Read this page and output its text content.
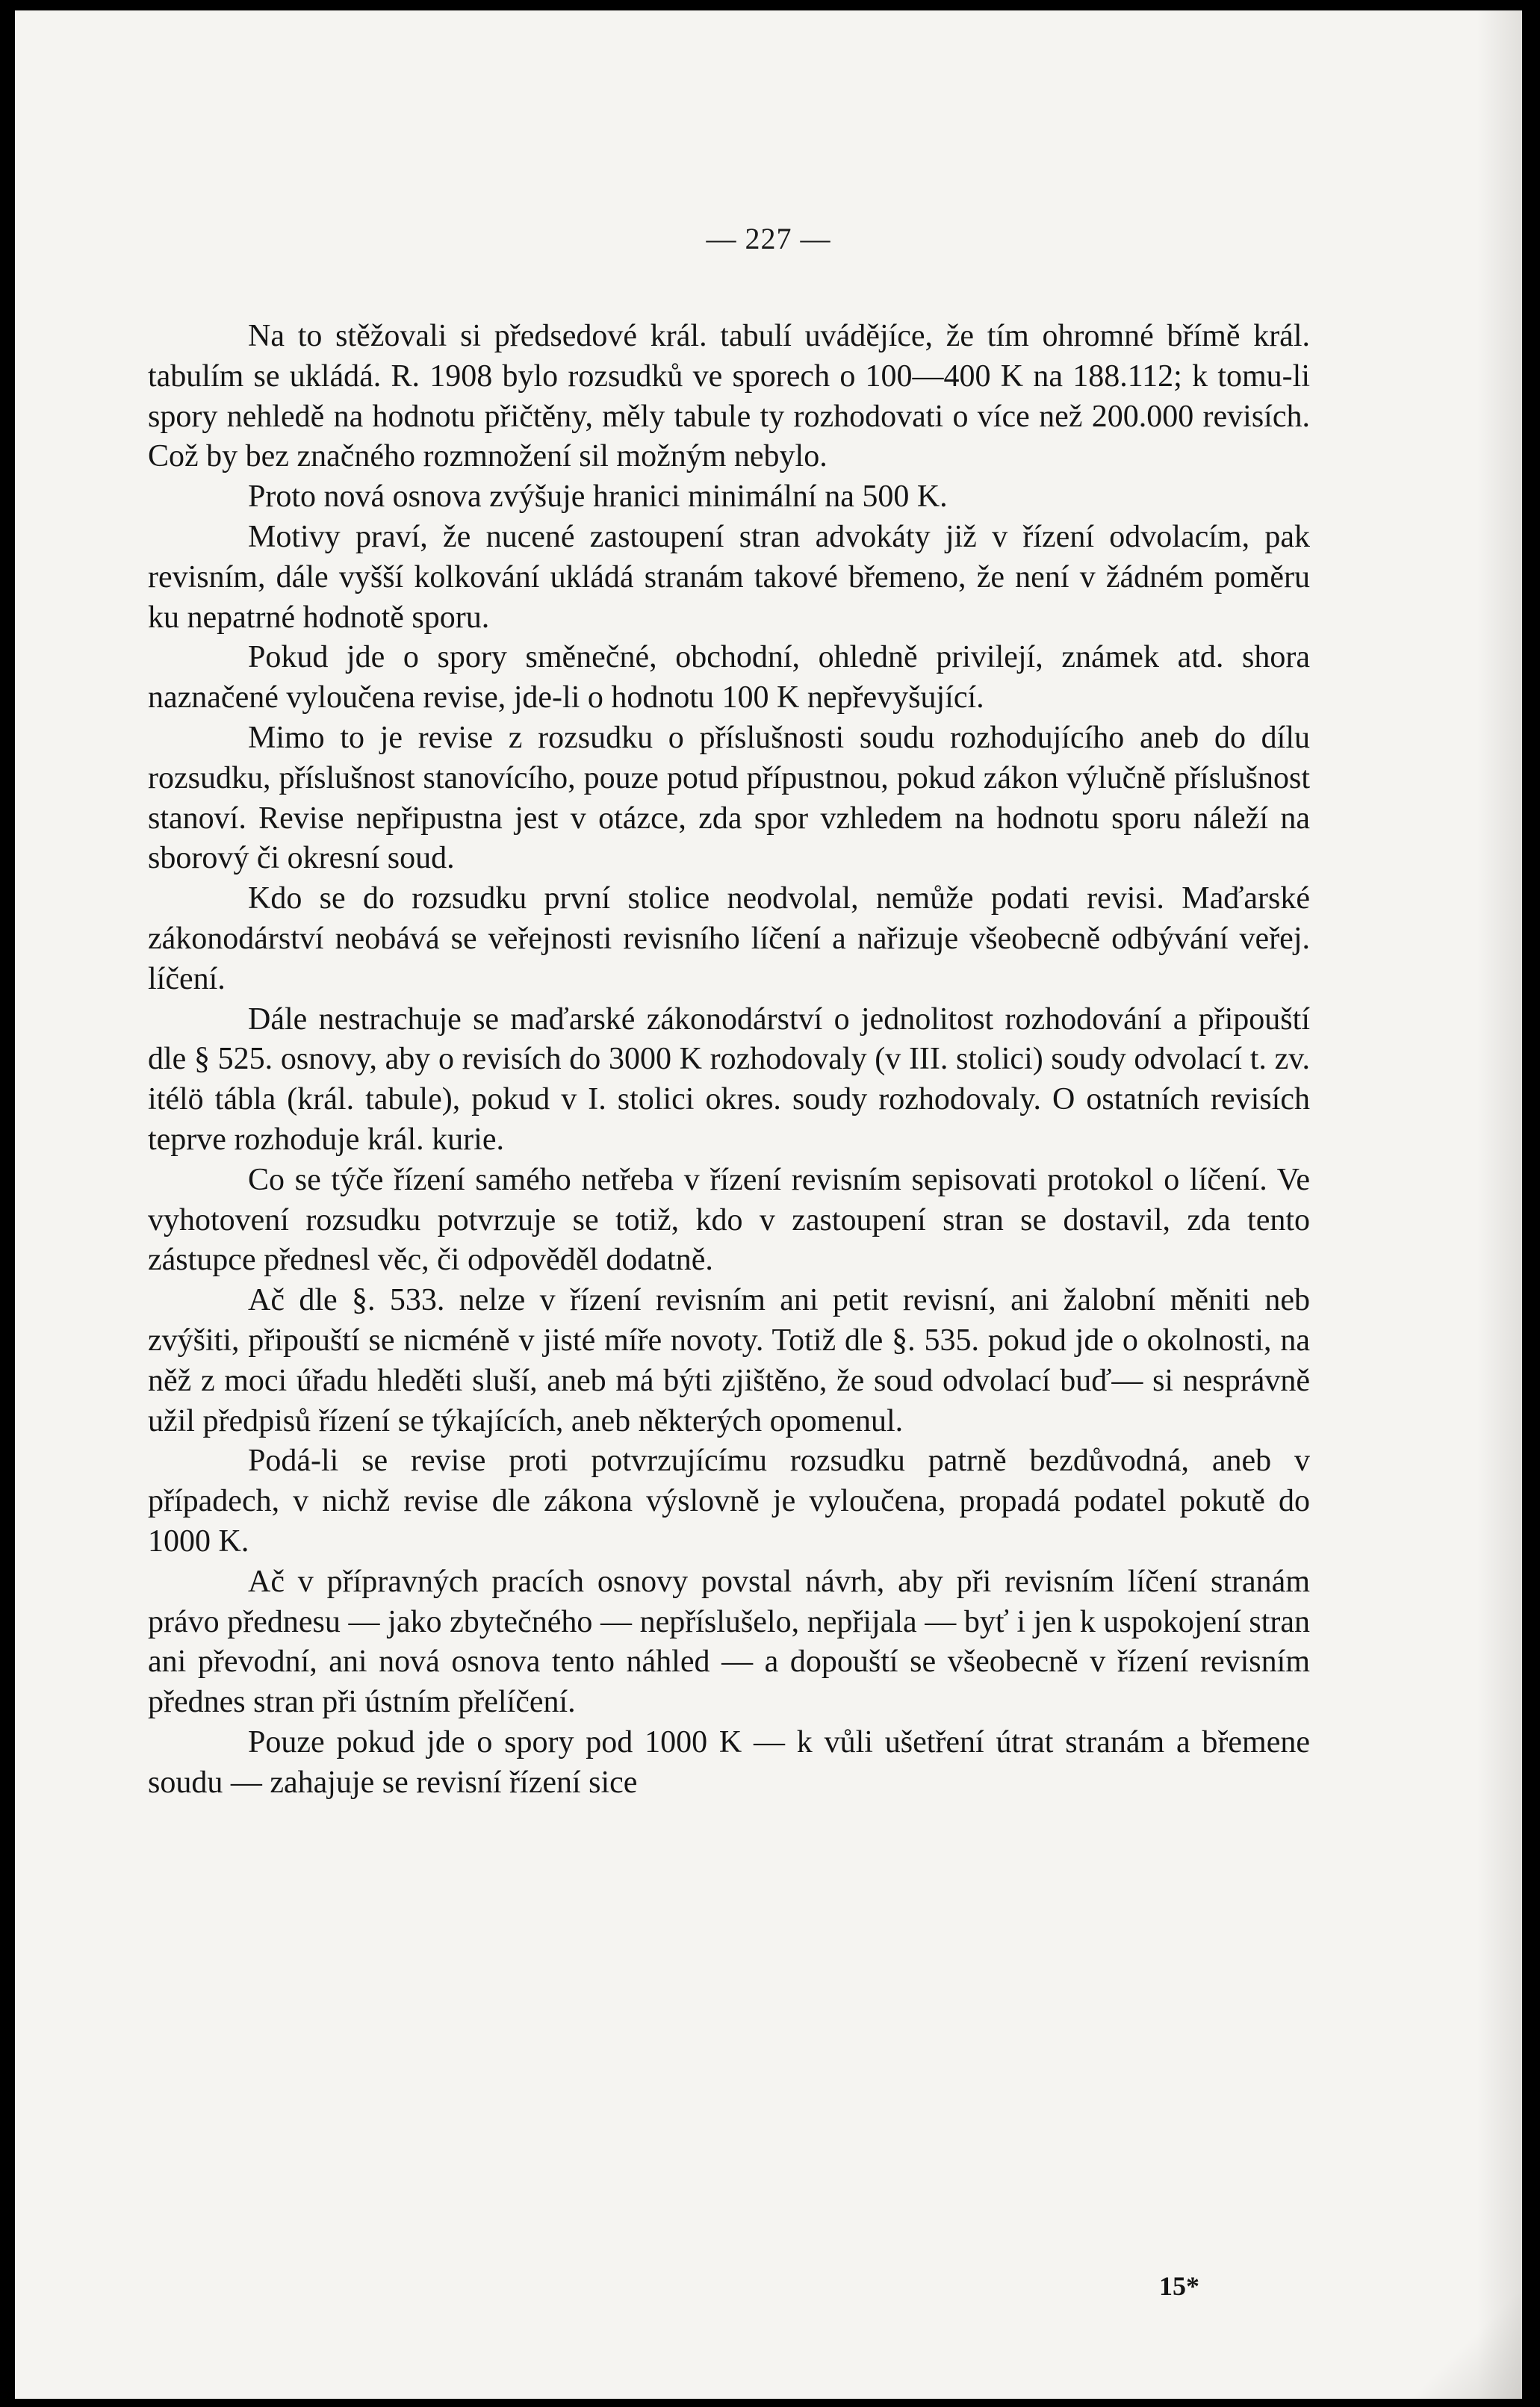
— 227 —

Na to stěžovali si předsedové král. tabulí uvádějíce, že tím ohromné břímě král. tabulím se ukládá. R. 1908 bylo rozsudků ve sporech o 100—400 K na 188.112; k tomu-li spory nehledě na hodnotu přičtěny, měly tabule ty rozhodovati o více než 200.000 revisích. Což by bez značného rozmnožení sil možným nebylo.

Proto nová osnova zvýšuje hranici minimální na 500 K.

Motivy praví, že nucené zastoupení stran advokáty již v řízení odvolacím, pak revisním, dále vyšší kolkování ukládá stranám takové břemeno, že není v žádném poměru ku nepatrné hodnotě sporu.

Pokud jde o spory směnečné, obchodní, ohledně privilejí, známek atd. shora naznačené vyloučena revise, jde-li o hodnotu 100 K nepřevyšující.

Mimo to je revise z rozsudku o příslušnosti soudu rozhodujícího aneb do dílu rozsudku, příslušnost stanovícího, pouze potud přípustnou, pokud zákon výlučně příslušnost stanoví. Revise nepřipustna jest v otázce, zda spor vzhledem na hodnotu sporu náleží na sborový či okresní soud.

Kdo se do rozsudku první stolice neodvolal, nemůže podati revisi. Maďarské zákonodárství neobává se veřejnosti revisního líčení a nařizuje všeobecně odbývání veřej. líčení.

Dále nestrachuje se maďarské zákonodárství o jednolitost rozhodování a připouští dle § 525. osnovy, aby o revisích do 3000 K rozhodovaly (v III. stolici) soudy odvolací t. zv. itélö tábla (král. tabule), pokud v I. stolici okres. soudy rozhodovaly. O ostatních revisích teprve rozhoduje král. kurie.

Co se týče řízení samého netřeba v řízení revisním sepisovati protokol o líčení. Ve vyhotovení rozsudku potvrzuje se totiž, kdo v zastoupení stran se dostavil, zda tento zástupce přednesl věc, či odpověděl dodatně.

Ač dle §. 533. nelze v řízení revisním ani petit revisní, ani žalobní měniti neb zvýšiti, připouští se nicméně v jisté míře novoty. Totiž dle §. 535. pokud jde o okolnosti, na něž z moci úřadu hleděti sluší, aneb má býti zjištěno, že soud odvolací buď— si nesprávně užil předpisů řízení se týkajících, aneb některých opomenul.

Podá-li se revise proti potvrzujícímu rozsudku patrně bezdůvodná, aneb v případech, v nichž revise dle zákona výslovně je vyloučena, propadá podatel pokutě do 1000 K.

Ač v přípravných pracích osnovy povstal návrh, aby při revisním líčení stranám právo přednesu — jako zbytečného — nepříslušelo, nepřijala — byť i jen k uspokojení stran ani převodní, ani nová osnova tento náhled — a dopouští se všeobecně v řízení revisním přednes stran při ústním přelíčení.

Pouze pokud jde o spory pod 1000 K — k vůli ušetření útrat stranám a břemene soudu — zahajuje se revisní řízení sice

15*
